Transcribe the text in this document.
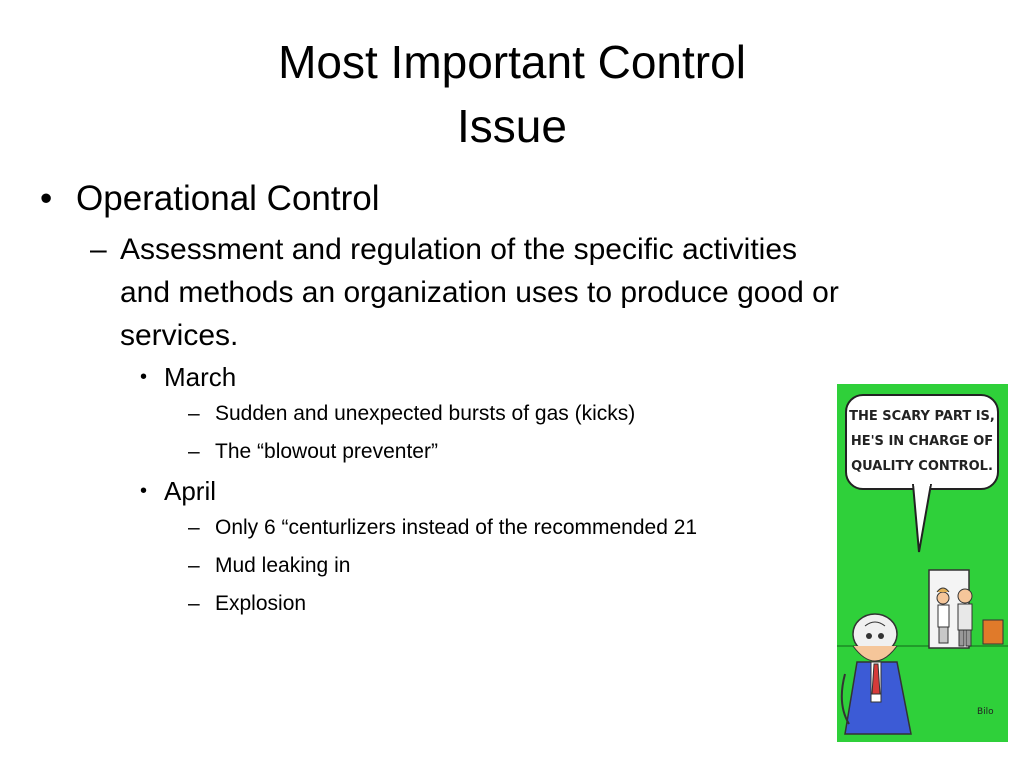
Most Important Control
Issue
• Operational Control
– Assessment and regulation of the specific activities and methods an organization uses to produce good or services.
• March
– Sudden and unexpected bursts of gas (kicks)
– The “blowout preventer”
• April
– Only 6 “centurlizers instead of the recommended 21
– Mud leaking in
– Explosion
THE SCARY PART IS,
HE'S IN CHARGE OF
QUALITY CONTROL.
Bilo
